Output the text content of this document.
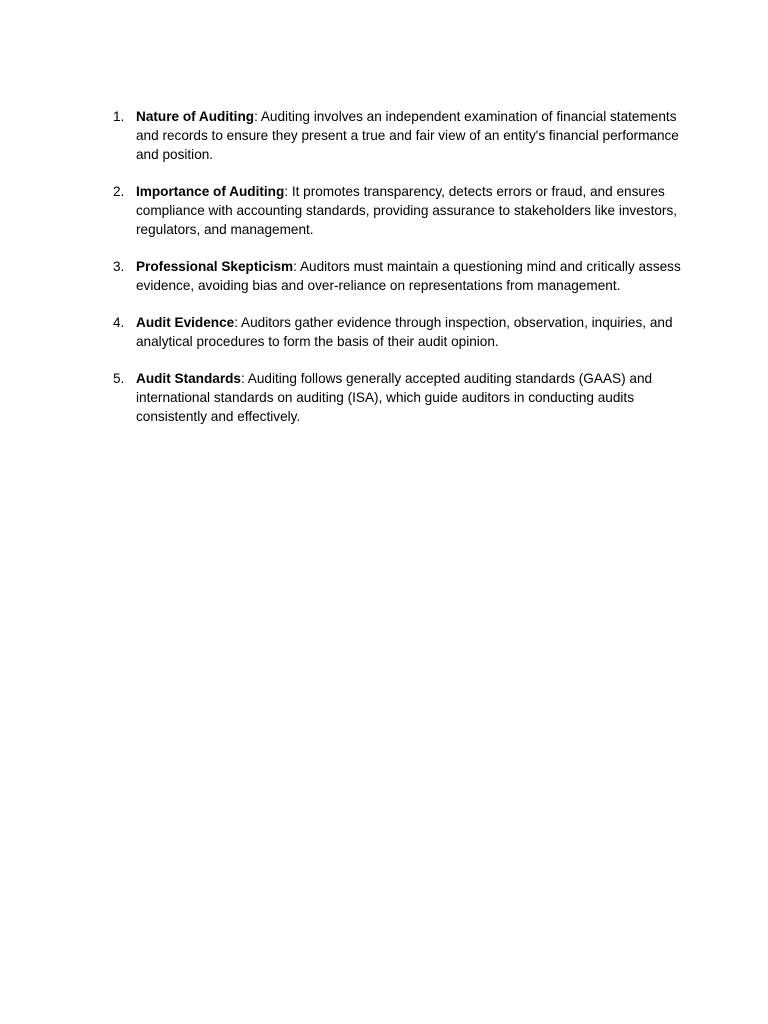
1. Nature of Auditing: Auditing involves an independent examination of financial statements and records to ensure they present a true and fair view of an entity's financial performance and position.
2. Importance of Auditing: It promotes transparency, detects errors or fraud, and ensures compliance with accounting standards, providing assurance to stakeholders like investors, regulators, and management.
3. Professional Skepticism: Auditors must maintain a questioning mind and critically assess evidence, avoiding bias and over-reliance on representations from management.
4. Audit Evidence: Auditors gather evidence through inspection, observation, inquiries, and analytical procedures to form the basis of their audit opinion.
5. Audit Standards: Auditing follows generally accepted auditing standards (GAAS) and international standards on auditing (ISA), which guide auditors in conducting audits consistently and effectively.
